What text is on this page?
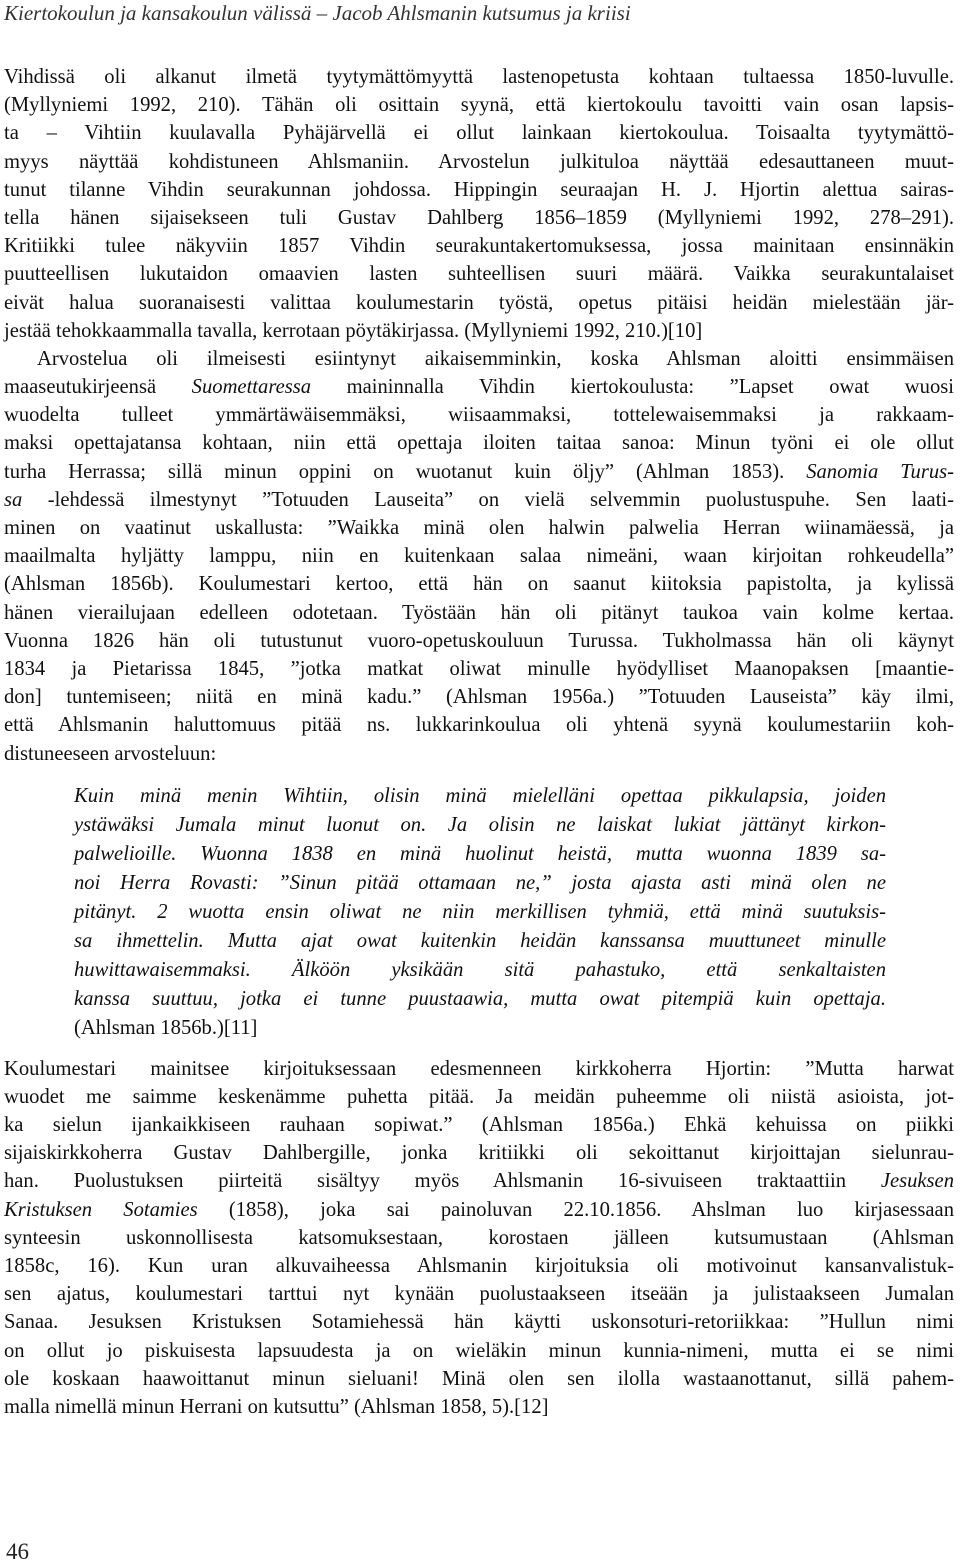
Kiertokoulun ja kansakoulun välissä – Jacob Ahlsmanin kutsumus ja kriisi
Vihdissä oli alkanut ilmetä tyytymättömyyttä lastenopetusta kohtaan tultaessa 1850-luvulle.
(Myllyniemi 1992, 210). Tähän oli osittain syynä, että kiertokoulu tavoitti vain osan lapsis-
ta – Vihtiin kuulavalla Pyhäjärvellä ei ollut lainkaan kiertokoulua. Toisaalta tyytymättö-
myys näyttää kohdistuneen Ahlsmaniin. Arvostelun julkituloa näyttää edesauttaneen muut-
tunut tilanne Vihdin seurakunnan johdossa. Hippingin seuraajan H. J. Hjortin alettua sairas-
tella hänen sijaisekseen tuli Gustav Dahlberg 1856–1859 (Myllyniemi 1992, 278–291).
Kritiikki tulee näkyviin 1857 Vihdin seurakuntakertomuksessa, jossa mainitaan ensinnäkin
puutteellisen lukutaidon omaavien lasten suhteellisen suuri määrä. Vaikka seurakuntalaiset
eivät halua suoranaisesti valittaa koulumestarin työstä, opetus pitäisi heidän mielestään jär-
jestää tehokkaammalla tavalla, kerrotaan pöytäkirjassa. (Myllyniemi 1992, 210.)[10]
Arvostelua oli ilmeisesti esiintynyt aikaisemminkin, koska Ahlsman aloitti ensimmäisen
maaseutukirjeensä Suomettaressa maininnalla Vihdin kiertokoulusta: ”Lapset owat wuosi
wuodelta tulleet ymmärtäwäisemmäksi, wiisaammaksi, tottelewaisemmaksi ja rakkaam-
maksi opettajatansa kohtaan, niin että opettaja iloiten taitaa sanoa: Minun työni ei ole ollut
turha Herrassa; sillä minun oppini on wuotanut kuin öljy” (Ahlman 1853). Sanomia Turus-
sa -lehdessä ilmestynyt ”Totuuden Lauseita” on vielä selvemmin puolustuspuhe. Sen laati-
minen on vaatinut uskallusta: ”Waikka minä olen halwin palwelia Herran wiinamäessä, ja
maailmalta hyljätty lamppu, niin en kuitenkaan salaa nimeäni, waan kirjoitan rohkeudella”
(Ahlsman 1856b). Koulumestari kertoo, että hän on saanut kiitoksia papistolta, ja kylissä
hänen vierailujaan edelleen odotetaan. Työstään hän oli pitänyt taukoa vain kolme kertaa.
Vuonna 1826 hän oli tutustunut vuoro-opetuskouluun Turussa. Tukholmassa hän oli käynyt
1834 ja Pietarissa 1845, ”jotka matkat oliwat minulle hyödylliset Maanopaksen [maantie-
don] tuntemiseen; niitä en minä kadu.” (Ahlsman 1956a.) ”Totuuden Lauseista” käy ilmi,
että Ahlsmanin haluttomuus pitää ns. lukkarinkoulua oli yhtenä syynä koulumestariin koh-
distuneeseen arvosteluun:
Kuin minä menin Wihtiin, olisin minä mielelläni opettaa pikkulapsia, joiden
ystäwäksi Jumala minut luonut on. Ja olisin ne laiskat lukiat jättänyt kirkon-
palwelioille. Wuonna 1838 en minä huolinut heistä, mutta wuonna 1839 sa-
noi Herra Rovasti: ”Sinun pitää ottamaan ne,” josta ajasta asti minä olen ne
pitänyt. 2 wuotta ensin oliwat ne niin merkillisen tyhmiä, että minä suutuksis-
sa ihmettelin. Mutta ajat owat kuitenkin heidän kanssansa muuttuneet minulle
huwittawaisemmaksi. Älköön yksikään sitä pahastuko, että senkaltaisten
kanssa suuttuu, jotka ei tunne puustaawia, mutta owat pitempiä kuin opettaja.
(Ahlsman 1856b.)[11]
Koulumestari mainitsee kirjoituksessaan edesmenneen kirkkoherra Hjortin: ”Mutta harwat
wuodet me saimme keskenämme puhetta pitää. Ja meidän puheemme oli niistä asioista, jot-
ka sielun ijankaikkiseen rauhaan sopiwat.” (Ahlsman 1856a.) Ehkä kehuissa on piikki
sijaiskirkkoherra Gustav Dahlbergille, jonka kritiikki oli sekoittanut kirjoittajan sielunrau-
han. Puolustuksen piirteitä sisältyy myös Ahlsmanin 16-sivuiseen traktaattiin Jesuksen
Kristuksen Sotamies (1858), joka sai painoluvan 22.10.1856. Ahslman luo kirjasessaan
synteesin uskonnollisesta katsomuksestaan, korostaen jälleen kutsumustaan (Ahlsman
1858c, 16). Kun uran alkuvaiheessa Ahlsmanin kirjoituksia oli motivoinut kansanvalistuk-
sen ajatus, koulumestari tarttui nyt kynään puolustaakseen itseään ja julistaakseen Jumalan
Sanaa. Jesuksen Kristuksen Sotamiehessä hän käytti uskonsoturi-retoriikkaa: ”Hullun nimi
on ollut jo piskuisesta lapsuudesta ja on wieläkin minun kunnia-nimeni, mutta ei se nimi
ole koskaan haawoittanut minun sieluani! Minä olen sen ilolla wastaanottanut, sillä pahem-
malla nimellä minun Herrani on kutsuttu” (Ahlsman 1858, 5).[12]
46
